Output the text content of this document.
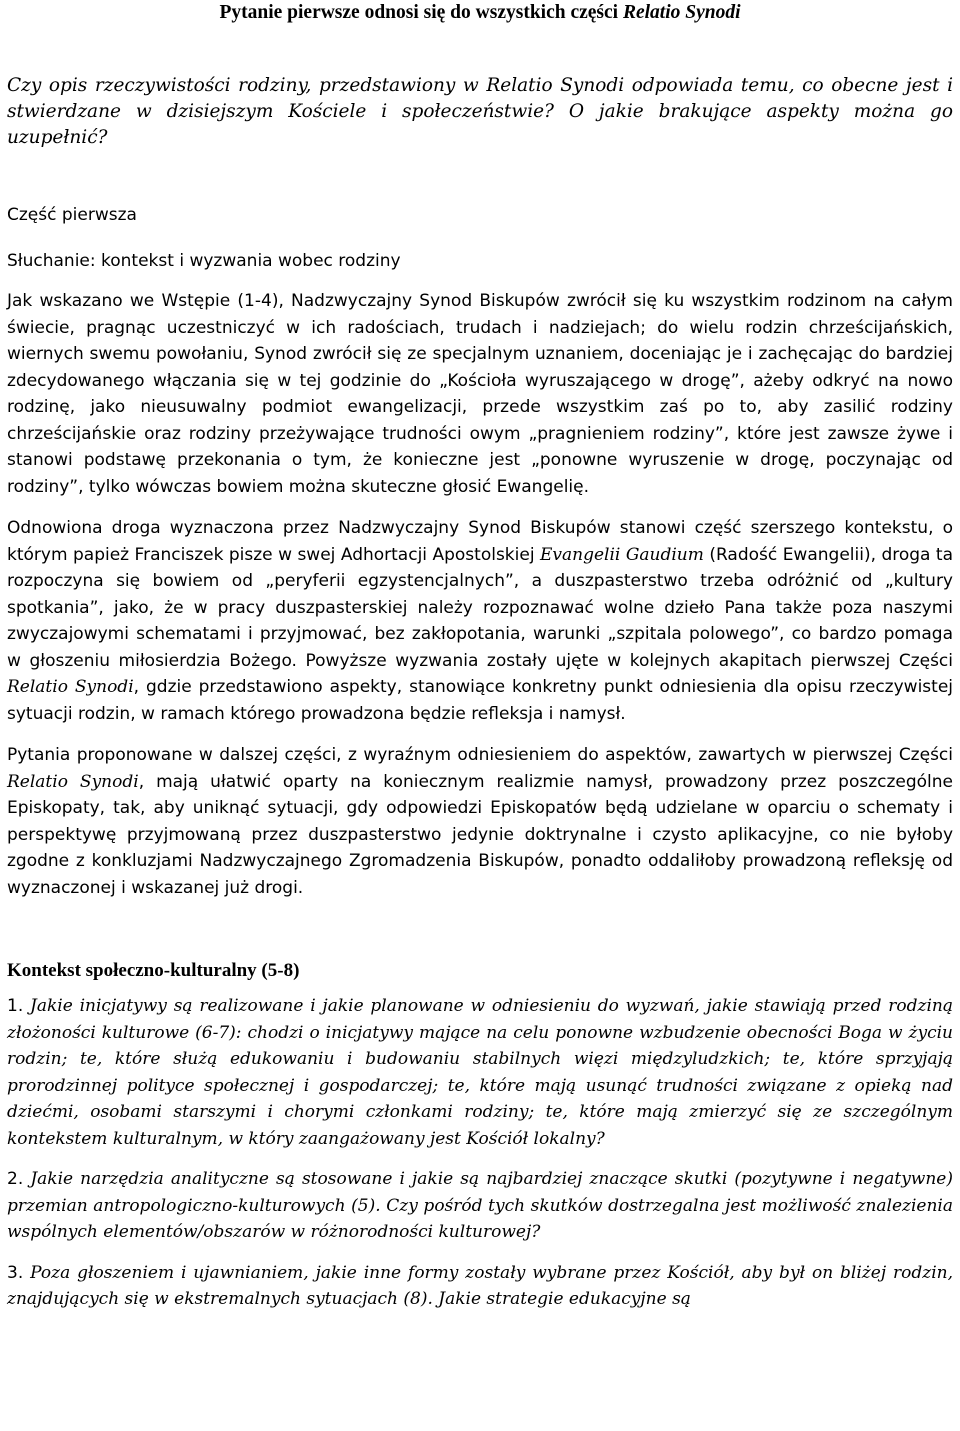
Pytanie pierwsze odnosi się do wszystkich części Relatio Synodi

Czy opis rzeczywistości rodziny, przedstawiony w Relatio Synodi odpowiada temu, co obecne jest i stwierdzane w dzisiejszym Kościele i społeczeństwie? O jakie brakujące aspekty można go uzupełnić?

Część pierwsza

Słuchanie: kontekst i wyzwania wobec rodziny

Jak wskazano we Wstępie (1-4), Nadzwyczajny Synod Biskupów zwrócił się ku wszystkim rodzinom na całym świecie, pragnąc uczestniczyć w ich radościach, trudach i nadziejach; do wielu rodzin chrześcijańskich, wiernych swemu powołaniu, Synod zwrócił się ze specjalnym uznaniem, doceniając je i zachęcając do bardziej zdecydowanego włączania się w tej godzinie do „Kościoła wyruszającego w drogę”, ażeby odkryć na nowo rodzinę, jako nieusuwalny podmiot ewangelizacji, przede wszystkim zaś po to, aby zasilić rodziny chrześcijańskie oraz rodziny przeżywające trudności owym „pragnieniem rodziny”, które jest zawsze żywe i stanowi podstawę przekonania o tym, że konieczne jest „ponowne wyruszenie w drogę, poczynając od rodziny”, tylko wówczas bowiem można skuteczne głosić Ewangelię.

Odnowiona droga wyznaczona przez Nadzwyczajny Synod Biskupów stanowi część szerszego kontekstu, o którym papież Franciszek pisze w swej Adhortacji Apostolskiej Evangelii Gaudium (Radość Ewangelii), droga ta rozpoczyna się bowiem od „peryferii egzystencjalnych”, a duszpasterstwo trzeba odróżnić od „kultury spotkania”, jako, że w pracy duszpasterskiej należy rozpoznawać wolne dzieło Pana także poza naszymi zwyczajowymi schematami i przyjmować, bez zakłopotania, warunki „szpitala polowego”, co bardzo pomaga w głoszeniu miłosierdzia Bożego. Powyższe wyzwania zostały ujęte w kolejnych akapitach pierwszej Części Relatio Synodi, gdzie przedstawiono aspekty, stanowiące konkretny punkt odniesienia dla opisu rzeczywistej sytuacji rodzin, w ramach którego prowadzona będzie refleksja i namysł.

Pytania proponowane w dalszej części, z wyraźnym odniesieniem do aspektów, zawartych w pierwszej Części Relatio Synodi, mają ułatwić oparty na koniecznym realizmie namysł, prowadzony przez poszczególne Episkopaty, tak, aby uniknąć sytuacji, gdy odpowiedzi Episkopatów będą udzielane w oparciu o schematy i perspektywę przyjmowaną przez duszpasterstwo jedynie doktrynalne i czysto aplikacyjne, co nie byłoby zgodne z konkluzjami Nadzwyczajnego Zgromadzenia Biskupów, ponadto oddaliłoby prowadzoną refleksję od wyznaczonej i wskazanej już drogi.

Kontekst społeczno-kulturalny (5-8)

1. Jakie inicjatywy są realizowane i jakie planowane w odniesieniu do wyzwań, jakie stawiają przed rodziną złożoności kulturowe (6-7): chodzi o inicjatywy mające na celu ponowne wzbudzenie obecności Boga w życiu rodzin; te, które służą edukowaniu i budowaniu stabilnych więzi międzyludzkich; te, które sprzyjają prorodzinnej polityce społecznej i gospodarczej; te, które mają usunąć trudności związane z opieką nad dziećmi, osobami starszymi i chorymi członkami rodziny; te, które mają zmierzyć się ze szczególnym kontekstem kulturalnym, w który zaangażowany jest Kościół lokalny?

2. Jakie narzędzia analityczne są stosowane i jakie są najbardziej znaczące skutki (pozytywne i negatywne) przemian antropologiczno-kulturowych (5). Czy pośród tych skutków dostrzegalna jest możliwość znalezienia wspólnych elementów/obszarów w różnorodności kulturowej?

3. Poza głoszeniem i ujawnianiem, jakie inne formy zostały wybrane przez Kościół, aby był on bliżej rodzin, znajdujących się w ekstremalnych sytuacjach (8). Jakie strategie edukacyjne są
